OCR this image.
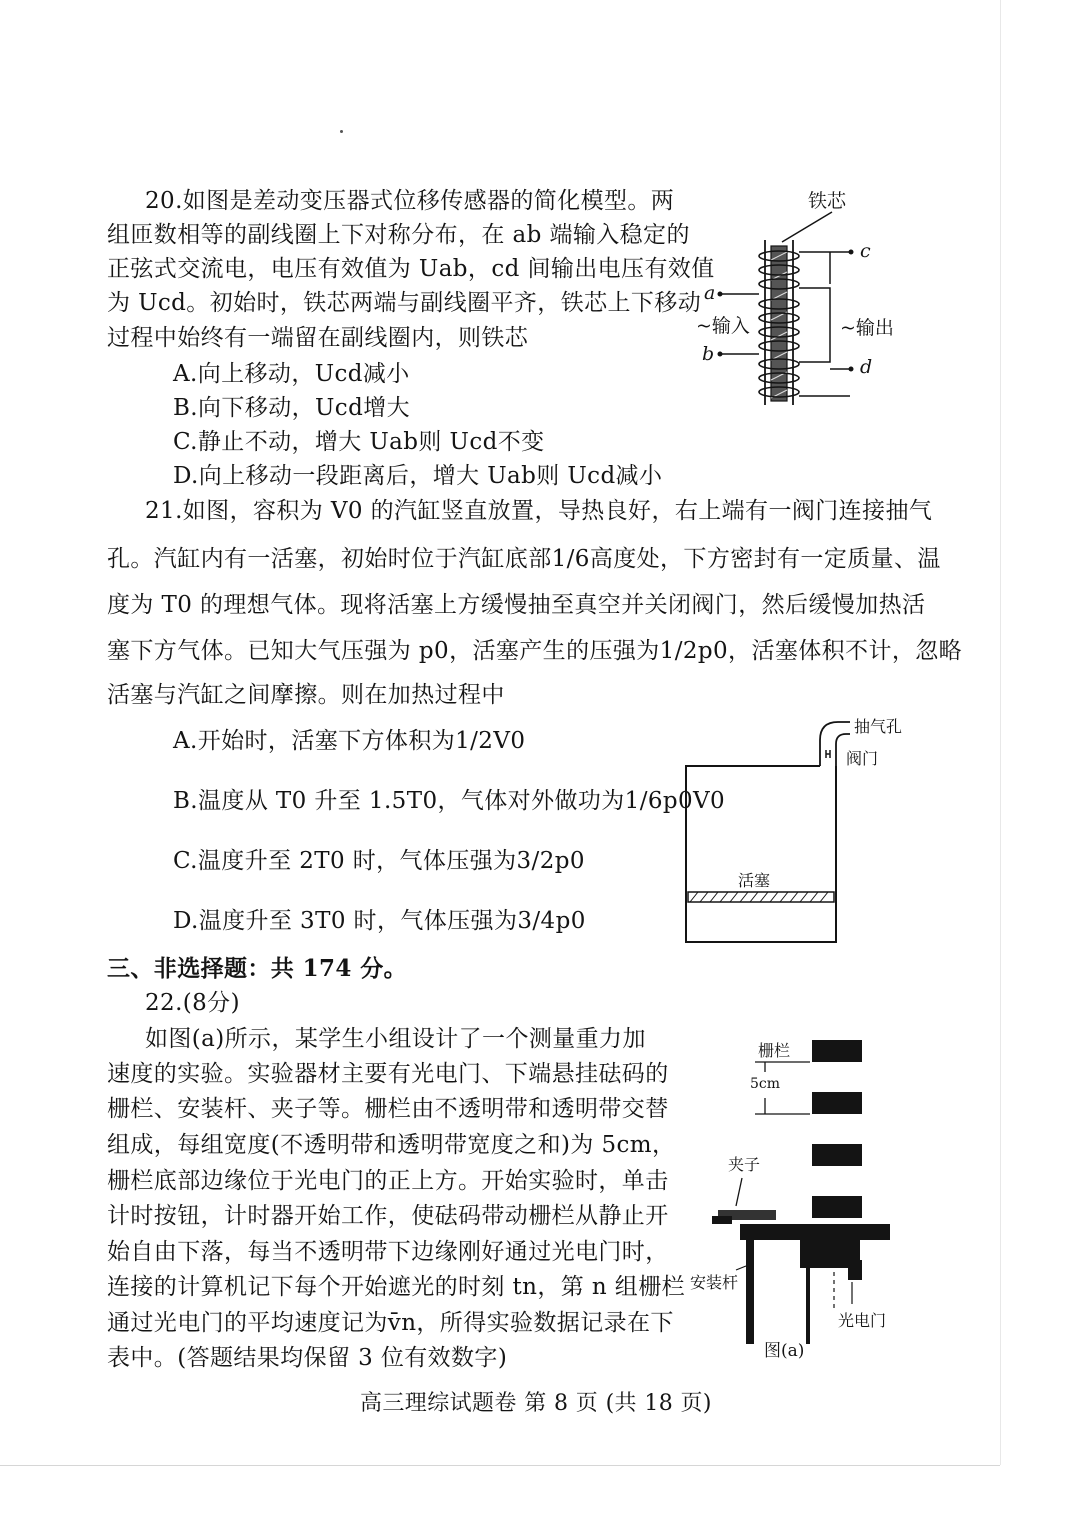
20.如图是差动变压器式位移传感器的简化模型。两
组匝数相等的副线圈上下对称分布，在 ab 端输入稳定的
正弦式交流电，电压有效值为 Uab，cd 间输出电压有效值
为 Ucd。初始时，铁芯两端与副线圈平齐，铁芯上下移动
过程中始终有一端留在副线圈内，则铁芯
A.向上移动，Ucd减小
B.向下移动，Ucd增大
C.静止不动，增大 Uab则 Ucd不变
D.向上移动一段距离后，增大 Uab则 Ucd减小
铁芯
c
a
~输入	~输出
b
d
21.如图，容积为 V0 的汽缸竖直放置，导热良好，右上端有一阀门连接抽气
孔。汽缸内有一活塞，初始时位于汽缸底部1/6高度处，下方密封有一定质量、温
度为 T0 的理想气体。现将活塞上方缓慢抽至真空并关闭阀门，然后缓慢加热活
塞下方气体。已知大气压强为 p0，活塞产生的压强为1/2p0，活塞体积不计，忽略
活塞与汽缸之间摩擦。则在加热过程中
A.开始时，活塞下方体积为1/2V0
B.温度从 T0 升至 1.5T0，气体对外做功为1/6p0V0
C.温度升至 2T0 时，气体压强为3/2p0
D.温度升至 3T0 时，气体压强为3/4p0
抽气孔
阀门
活塞
三、非选择题：共 174 分。
22.(8分)
如图(a)所示，某学生小组设计了一个测量重力加
速度的实验。实验器材主要有光电门、下端悬挂砝码的
栅栏、安装杆、夹子等。栅栏由不透明带和透明带交替
组成，每组宽度(不透明带和透明带宽度之和)为 5cm，
栅栏底部边缘位于光电门的正上方。开始实验时，单击
计时按钮，计时器开始工作，使砝码带动栅栏从静止开
始自由下落，每当不透明带下边缘刚好通过光电门时，
连接的计算机记下每个开始遮光的时刻 tn，第 n 组栅栏
通过光电门的平均速度记为v̄n，所得实验数据记录在下
表中。(答题结果均保留 3 位有效数字)
栅栏
5cm
夹子
安装杆
光电门
图(a)
高三理综试题卷 第 8 页 (共 18 页)
